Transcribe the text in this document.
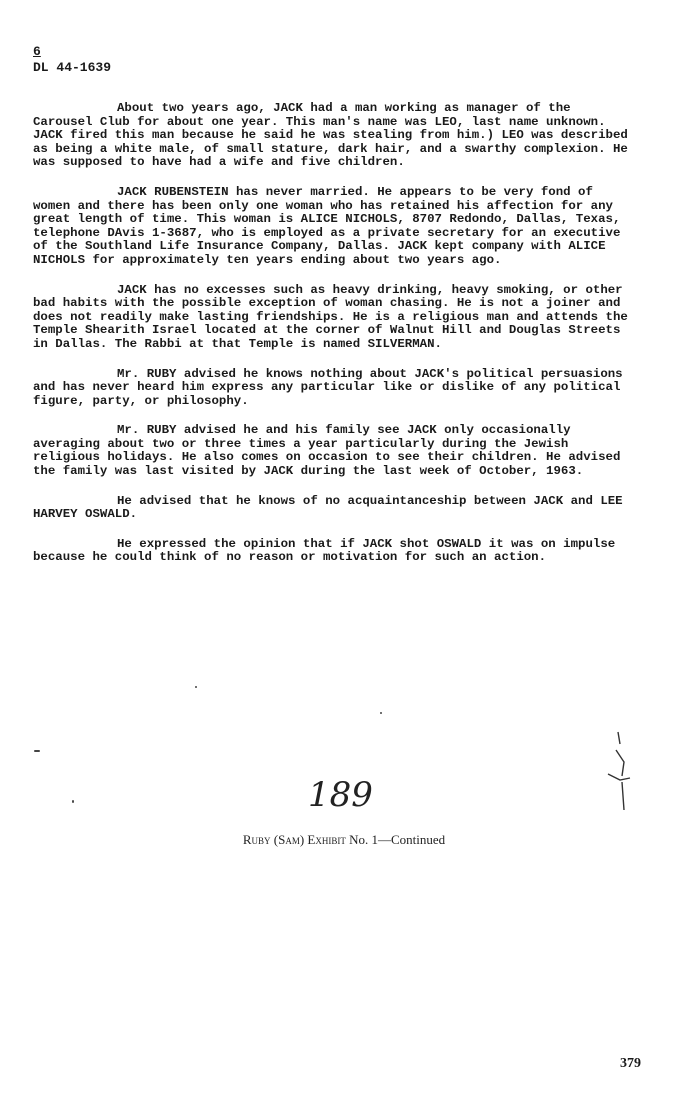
6
DL 44-1639

About two years ago, JACK had a man working as manager of the Carousel Club for about one year. This man's name was LEO, last name unknown. JACK fired this man because he said he was stealing from him.) LEO was described as being a white male, of small stature, dark hair, and a swarthy complexion. He was supposed to have had a wife and five children.

JACK RUBENSTEIN has never married. He appears to be very fond of women and there has been only one woman who has retained his affection for any great length of time. This woman is ALICE NICHOLS, 8707 Redondo, Dallas, Texas, telephone DAvis 1-3687, who is employed as a private secretary for an executive of the Southland Life Insurance Company, Dallas. JACK kept company with ALICE NICHOLS for approximately ten years ending about two years ago.

JACK has no excesses such as heavy drinking, heavy smoking, or other bad habits with the possible exception of woman chasing. He is not a joiner and does not readily make lasting friendships. He is a religious man and attends the Temple Shearith Israel located at the corner of Walnut Hill and Douglas Streets in Dallas. The Rabbi at that Temple is named SILVERMAN.

Mr. RUBY advised he knows nothing about JACK's political persuasions and has never heard him express any particular like or dislike of any political figure, party, or philosophy.

Mr. RUBY advised he and his family see JACK only occasionally averaging about two or three times a year particularly during the Jewish religious holidays. He also comes on occasion to see their children. He advised the family was last visited by JACK during the last week of October, 1963.

He advised that he knows of no acquaintanceship between JACK and LEE HARVEY OSWALD.

He expressed the opinion that if JACK shot OSWALD it was on impulse because he could think of no reason or motivation for such an action.

189
Ruby (Sam) Exhibit No. 1—Continued
379
